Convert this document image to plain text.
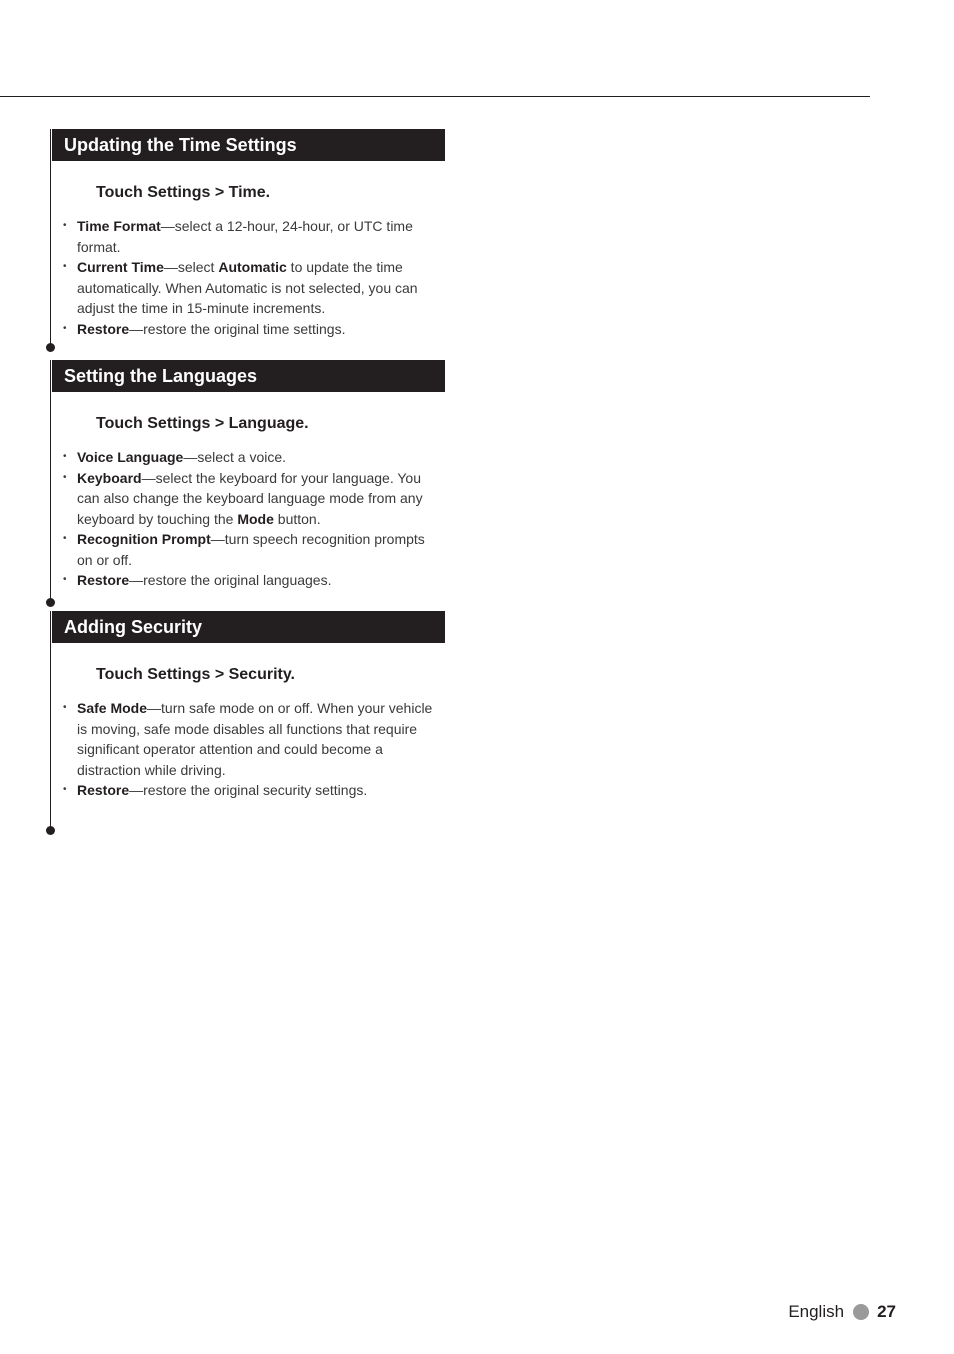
Updating the Time Settings
Touch Settings > Time.
• Time Format—select a 12-hour, 24-hour, or UTC time format.
• Current Time—select Automatic to update the time automatically. When Automatic is not selected, you can adjust the time in 15-minute increments.
• Restore—restore the original time settings.
Setting the Languages
Touch Settings > Language.
• Voice Language—select a voice.
• Keyboard—select the keyboard for your language. You can also change the keyboard language mode from any keyboard by touching the Mode button.
• Recognition Prompt—turn speech recognition prompts on or off.
• Restore—restore the original languages.
Adding Security
Touch Settings > Security.
• Safe Mode—turn safe mode on or off. When your vehicle is moving, safe mode disables all functions that require significant operator attention and could become a distraction while driving.
• Restore—restore the original security settings.
English 27
